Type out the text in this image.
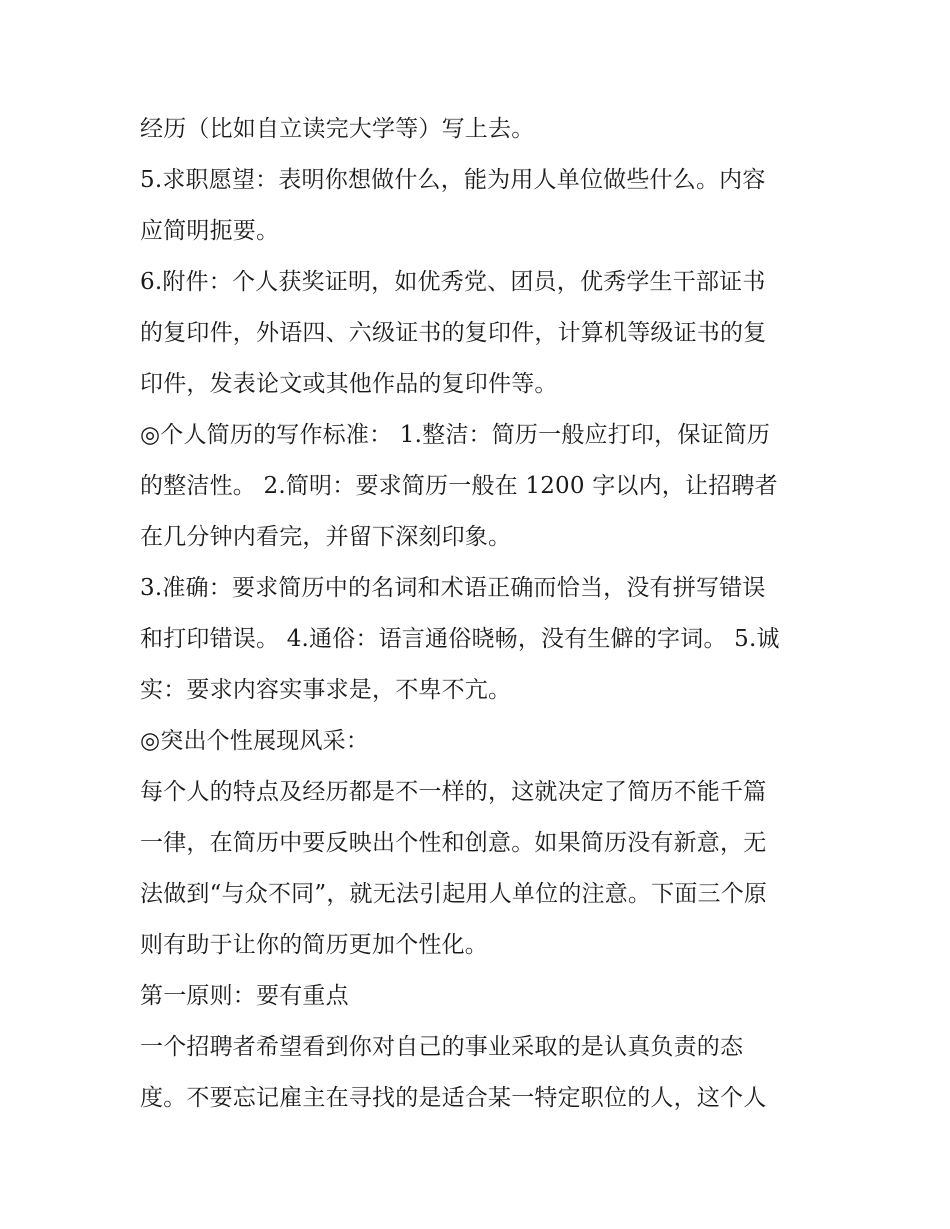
经历（比如自立读完大学等）写上去。
5.求职愿望：表明你想做什么，能为用人单位做些什么。内容
应简明扼要。
6.附件：个人获奖证明，如优秀党、团员，优秀学生干部证书
的复印件，外语四、六级证书的复印件，计算机等级证书的复
印件，发表论文或其他作品的复印件等。
◎个人简历的写作标准： 1.整洁：简历一般应打印，保证简历
的整洁性。 2.简明：要求简历一般在 1200 字以内，让招聘者
在几分钟内看完，并留下深刻印象。
3.准确：要求简历中的名词和术语正确而恰当，没有拼写错误
和打印错误。 4.通俗：语言通俗晓畅，没有生僻的字词。 5.诚
实：要求内容实事求是，不卑不亢。
◎突出个性展现风采：
每个人的特点及经历都是不一样的，这就决定了简历不能千篇
一律，在简历中要反映出个性和创意。如果简历没有新意，无
法做到“与众不同”，就无法引起用人单位的注意。下面三个原
则有助于让你的简历更加个性化。
第一原则：要有重点
一个招聘者希望看到你对自己的事业采取的是认真负责的态
度。不要忘记雇主在寻找的是适合某一特定职位的人，这个人
